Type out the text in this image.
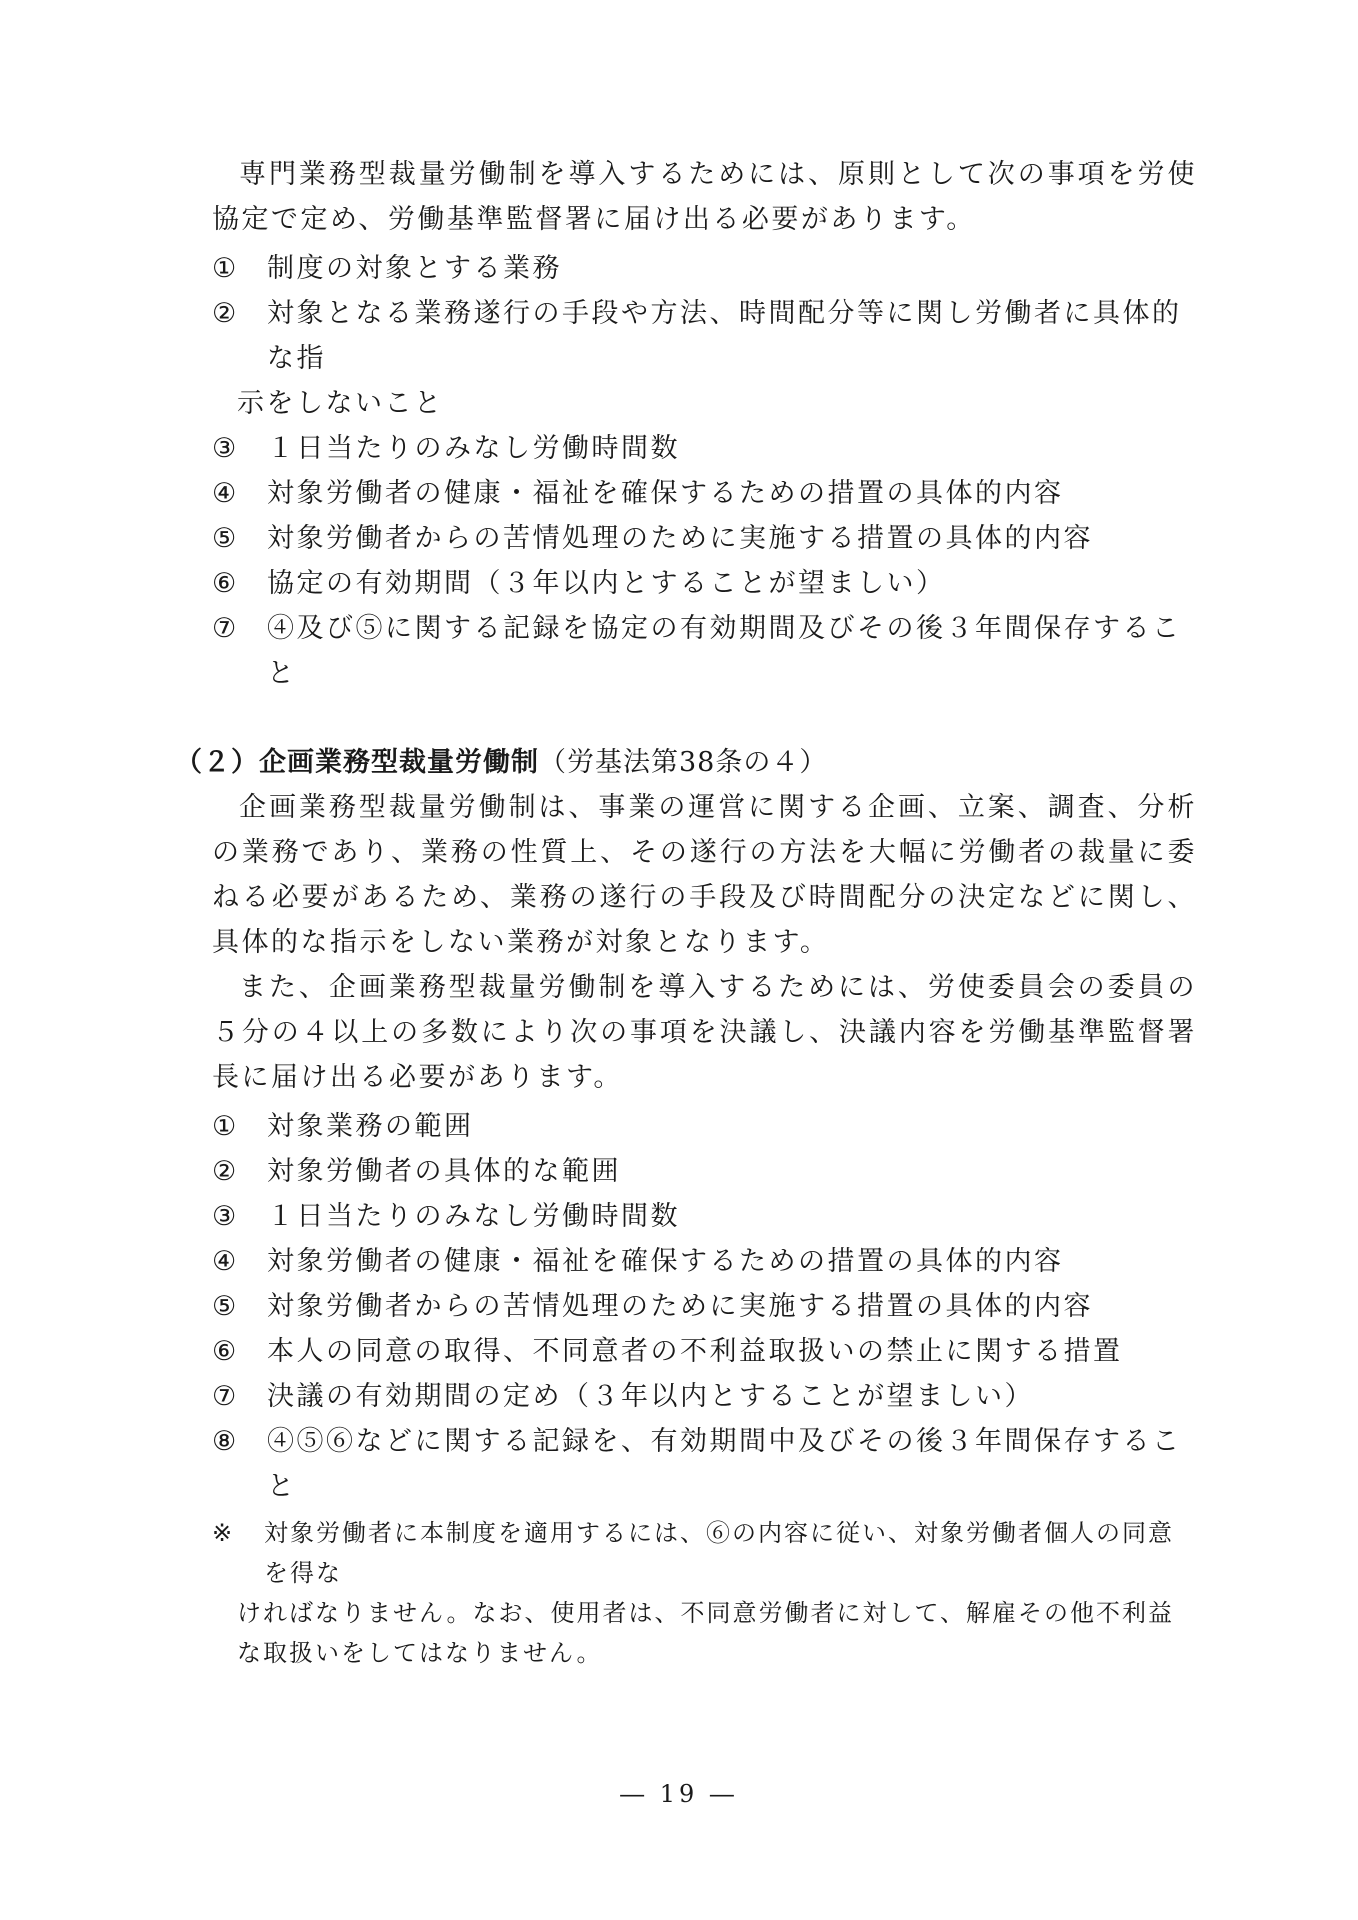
専門業務型裁量労働制を導入するためには、原則として次の事項を労使協定で定め、労働基準監督署に届け出る必要があります。

①	制度の対象とする業務
②	対象となる業務遂行の手段や方法、時間配分等に関し労働者に具体的な指
示をしないこと
③	１日当たりのみなし労働時間数
④	対象労働者の健康・福祉を確保するための措置の具体的内容
⑤	対象労働者からの苦情処理のために実施する措置の具体的内容
⑥	協定の有効期間（３年以内とすることが望ましい）
⑦	④及び⑤に関する記録を協定の有効期間及びその後３年間保存すること
（２）企画業務型裁量労働制（労基法第38条の４）

企画業務型裁量労働制は、事業の運営に関する企画、立案、調査、分析の業務であり、業務の性質上、その遂行の方法を大幅に労働者の裁量に委ねる必要があるため、業務の遂行の手段及び時間配分の決定などに関し、具体的な指示をしない業務が対象となります。

また、企画業務型裁量労働制を導入するためには、労使委員会の委員の５分の４以上の多数により次の事項を決議し、決議内容を労働基準監督署長に届け出る必要があります。

①	対象業務の範囲
②	対象労働者の具体的な範囲
③	１日当たりのみなし労働時間数
④	対象労働者の健康・福祉を確保するための措置の具体的内容
⑤	対象労働者からの苦情処理のために実施する措置の具体的内容
⑥	本人の同意の取得、不同意者の不利益取扱いの禁止に関する措置
⑦	決議の有効期間の定め（３年以内とすることが望ましい）
⑧	④⑤⑥などに関する記録を、有効期間中及びその後３年間保存すること
※	対象労働者に本制度を適用するには、⑥の内容に従い、対象労働者個人の同意を得な
ければなりません。なお、使用者は、不同意労働者に対して、解雇その他不利益な取扱いをしてはなりません。
― 19 ―
